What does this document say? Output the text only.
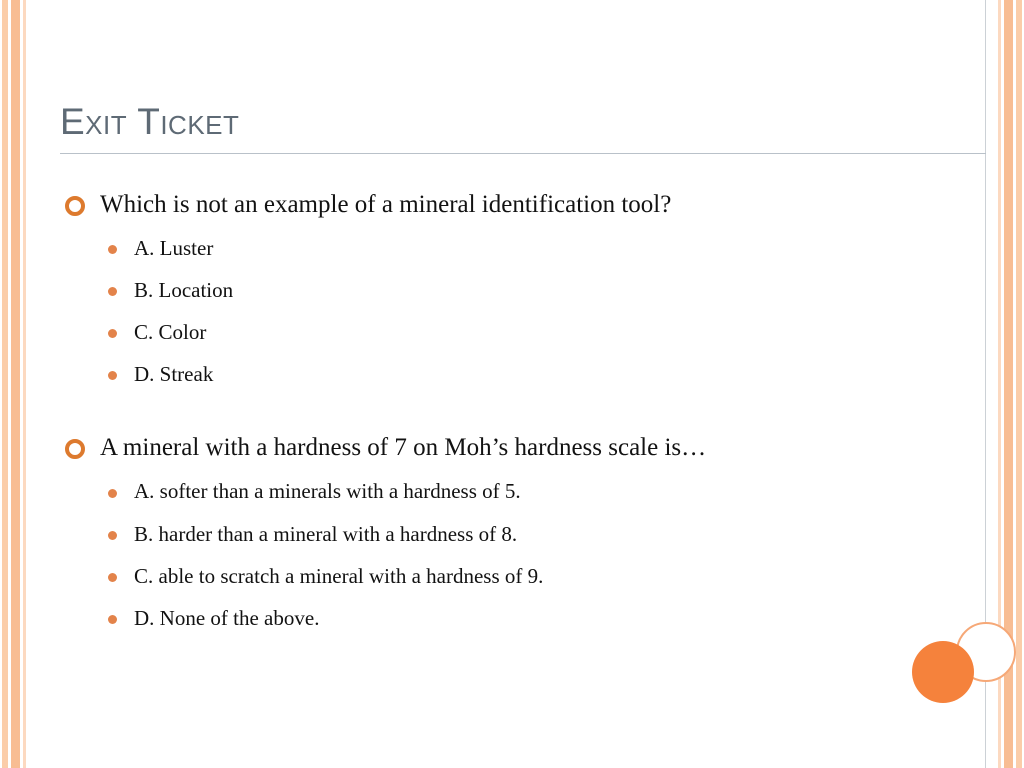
Exit Ticket
Which is not an example of a mineral identification tool?
A. Luster
B. Location
C. Color
D. Streak
A mineral with a hardness of 7 on Moh’s hardness scale is…
A. softer than a minerals with a hardness of 5.
B. harder than a mineral with a hardness of 8.
C. able to scratch a mineral with a hardness of 9.
D. None of the above.
